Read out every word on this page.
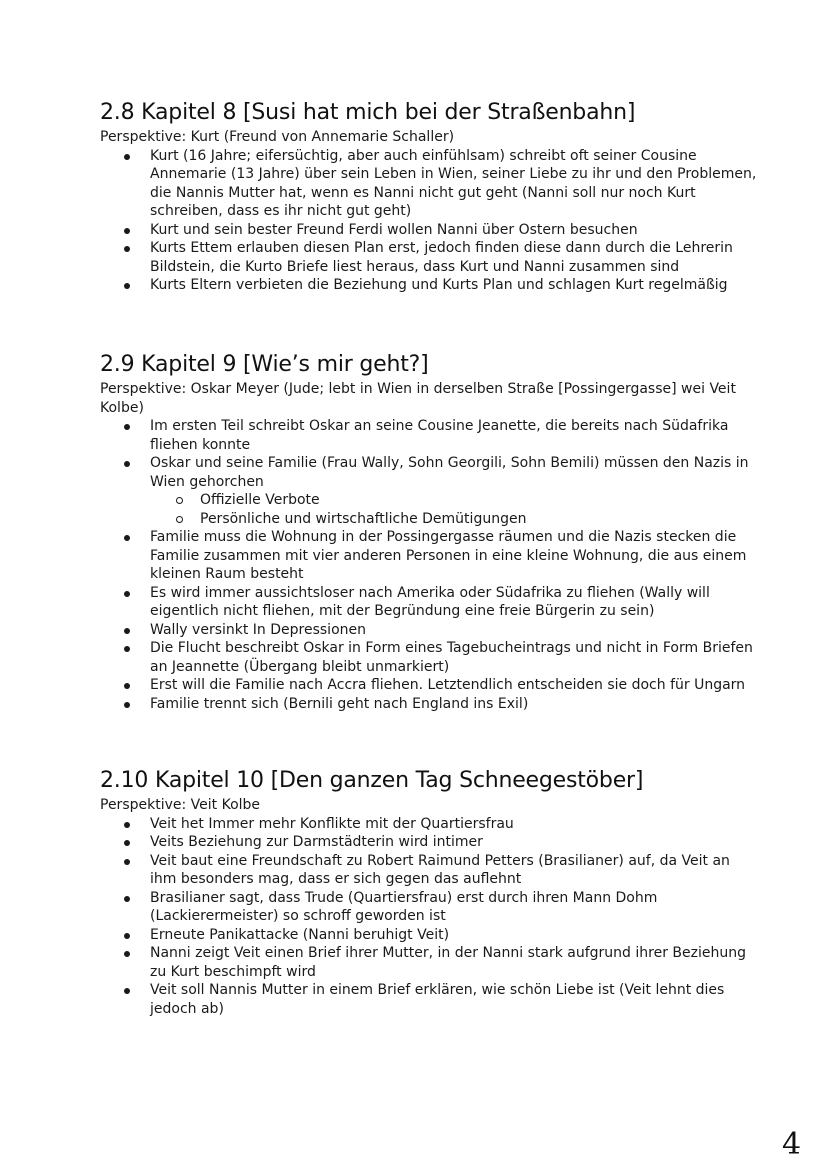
2.8 Kapitel 8 [Susi hat mich bei der Straßenbahn]

Perspektive: Kurt (Freund von Annemarie Schaller)

Kurt (16 Jahre; eifersüchtig, aber auch einfühlsam) schreibt oft seiner Cousine Annemarie (13 Jahre) über sein Leben in Wien, seiner Liebe zu ihr und den Problemen, die Nannis Mutter hat, wenn es Nanni nicht gut geht (Nanni soll nur noch Kurt schreiben, dass es ihr nicht gut geht)
Kurt und sein bester Freund Ferdi wollen Nanni über Ostern besuchen
Kurts Ettem erlauben diesen Plan erst, jedoch finden diese dann durch die Lehrerin Bildstein, die Kurto Briefe liest heraus, dass Kurt und Nanni zusammen sind
Kurts Eltern verbieten die Beziehung und Kurts Plan und schlagen Kurt regelmäßig
2.9 Kapitel 9 [Wie’s mir geht?]

Perspektive: Oskar Meyer (Jude; lebt in Wien in derselben Straße [Possingergasse] wei Veit Kolbe)

Im ersten Teil schreibt Oskar an seine Cousine Jeanette, die bereits nach Südafrika fliehen konnte
Oskar und seine Familie (Frau Wally, Sohn Georgili, Sohn Bemili) müssen den Nazis in Wien gehorchen
Offizielle Verbote
Persönliche und wirtschaftliche Demütigungen
Familie muss die Wohnung in der Possingergasse räumen und die Nazis stecken die Familie zusammen mit vier anderen Personen in eine kleine Wohnung, die aus einem kleinen Raum besteht
Es wird immer aussichtsloser nach Amerika oder Südafrika zu fliehen (Wally will eigentlich nicht fliehen, mit der Begründung eine freie Bürgerin zu sein)
Wally versinkt In Depressionen
Die Flucht beschreibt Oskar in Form eines Tagebucheintrags und nicht in Form Briefen an Jeannette (Übergang bleibt unmarkiert)
Erst will die Familie nach Accra fliehen. Letztendlich entscheiden sie doch für Ungarn
Familie trennt sich (Bernili geht nach England ins Exil)
2.10 Kapitel 10 [Den ganzen Tag Schneegestöber]

Perspektive: Veit Kolbe

Veit het Immer mehr Konflikte mit der Quartiersfrau
Veits Beziehung zur Darmstädterin wird intimer
Veit baut eine Freundschaft zu Robert Raimund Petters (Brasilianer) auf, da Veit an ihm besonders mag, dass er sich gegen das auflehnt
Brasilianer sagt, dass Trude (Quartiersfrau) erst durch ihren Mann Dohm (Lackierermeister) so schroff geworden ist
Erneute Panikattacke (Nanni beruhigt Veit)
Nanni zeigt Veit einen Brief ihrer Mutter, in der Nanni stark aufgrund ihrer Beziehung zu Kurt beschimpft wird
Veit soll Nannis Mutter in einem Brief erklären, wie schön Liebe ist (Veit lehnt dies jedoch ab)
4
